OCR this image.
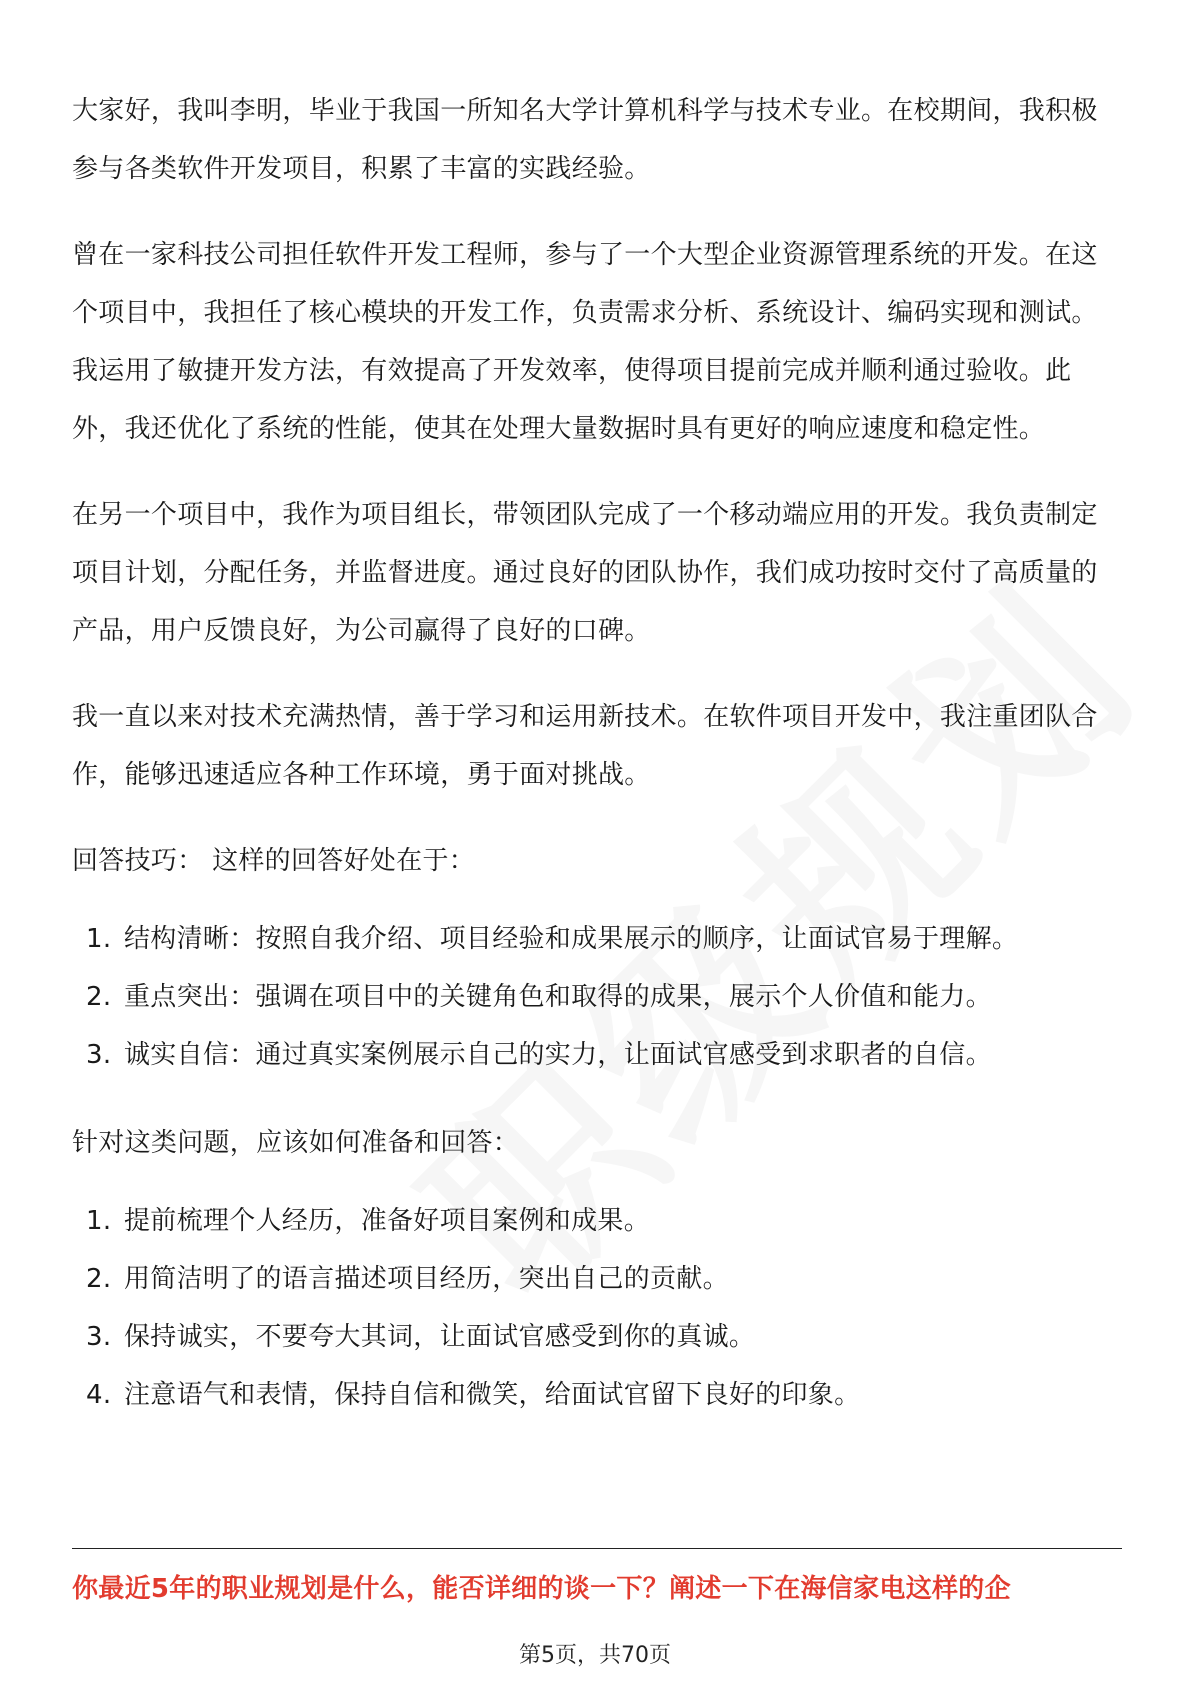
大家好，我叫李明，毕业于我国一所知名大学计算机科学与技术专业。在校期间，我积极参与各类软件开发项目，积累了丰富的实践经验。

曾在一家科技公司担任软件开发工程师，参与了一个大型企业资源管理系统的开发。在这个项目中，我担任了核心模块的开发工作，负责需求分析、系统设计、编码实现和测试。我运用了敏捷开发方法，有效提高了开发效率，使得项目提前完成并顺利通过验收。此外，我还优化了系统的性能，使其在处理大量数据时具有更好的响应速度和稳定性。

在另一个项目中，我作为项目组长，带领团队完成了一个移动端应用的开发。我负责制定项目计划，分配任务，并监督进度。通过良好的团队协作，我们成功按时交付了高质量的产品，用户反馈良好，为公司赢得了良好的口碑。

我一直以来对技术充满热情，善于学习和运用新技术。在软件项目开发中，我注重团队合作，能够迅速适应各种工作环境，勇于面对挑战。

回答技巧： 这样的回答好处在于：

1. 结构清晰：按照自我介绍、项目经验和成果展示的顺序，让面试官易于理解。
2. 重点突出：强调在项目中的关键角色和取得的成果，展示个人价值和能力。
3. 诚实自信：通过真实案例展示自己的实力，让面试官感受到求职者的自信。

针对这类问题，应该如何准备和回答：

1. 提前梳理个人经历，准备好项目案例和成果。
2. 用简洁明了的语言描述项目经历，突出自己的贡献。
3. 保持诚实，不要夸大其词，让面试官感受到你的真诚。
4. 注意语气和表情，保持自信和微笑，给面试官留下良好的印象。
你最近5年的职业规划是什么，能否详细的谈一下？阐述一下在海信家电这样的企
第5页，共70页
